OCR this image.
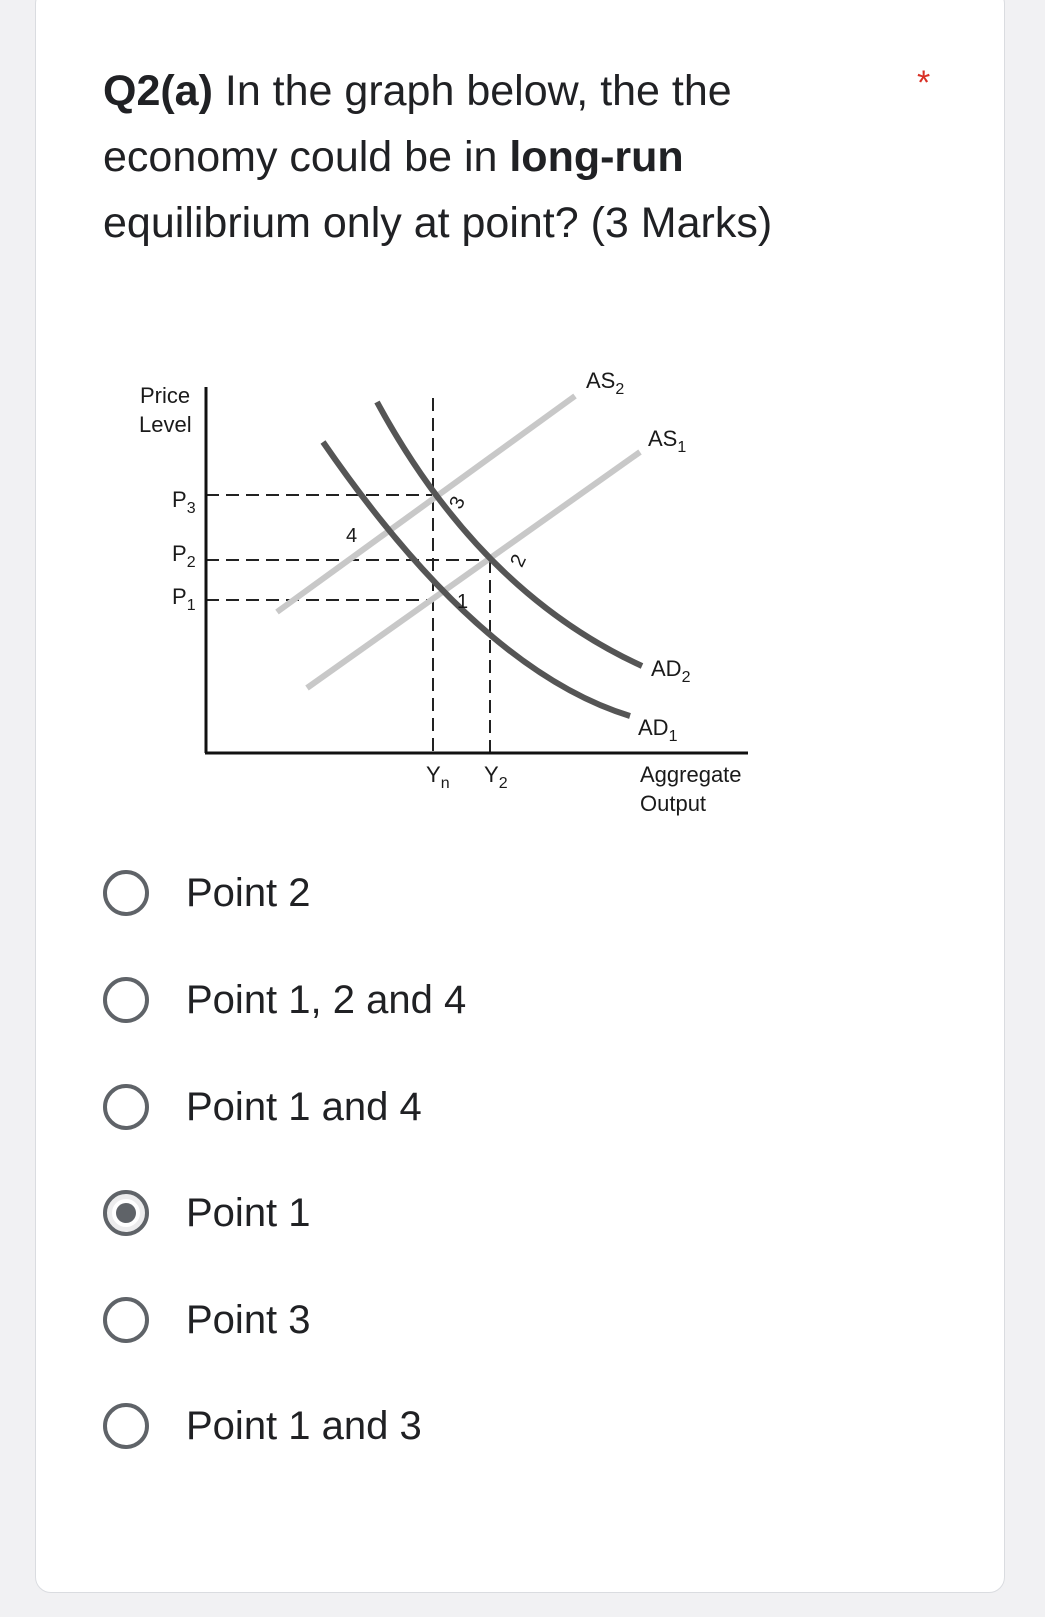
Q2(a) In the graph below, the the economy could be in long-run equilibrium only at point? (3 Marks)
*
Price
Level
Aggregate
Output
$P_3$
$P_2$
$P_1$
$Y_n$ $Y_2$
$AS_2$
$AS_1$
$AD_2$
$AD_1$
1
2
3
4
Point 2
Point 1, 2 and 4
Point 1 and 4
Point 1
Point 3
Point 1 and 3
